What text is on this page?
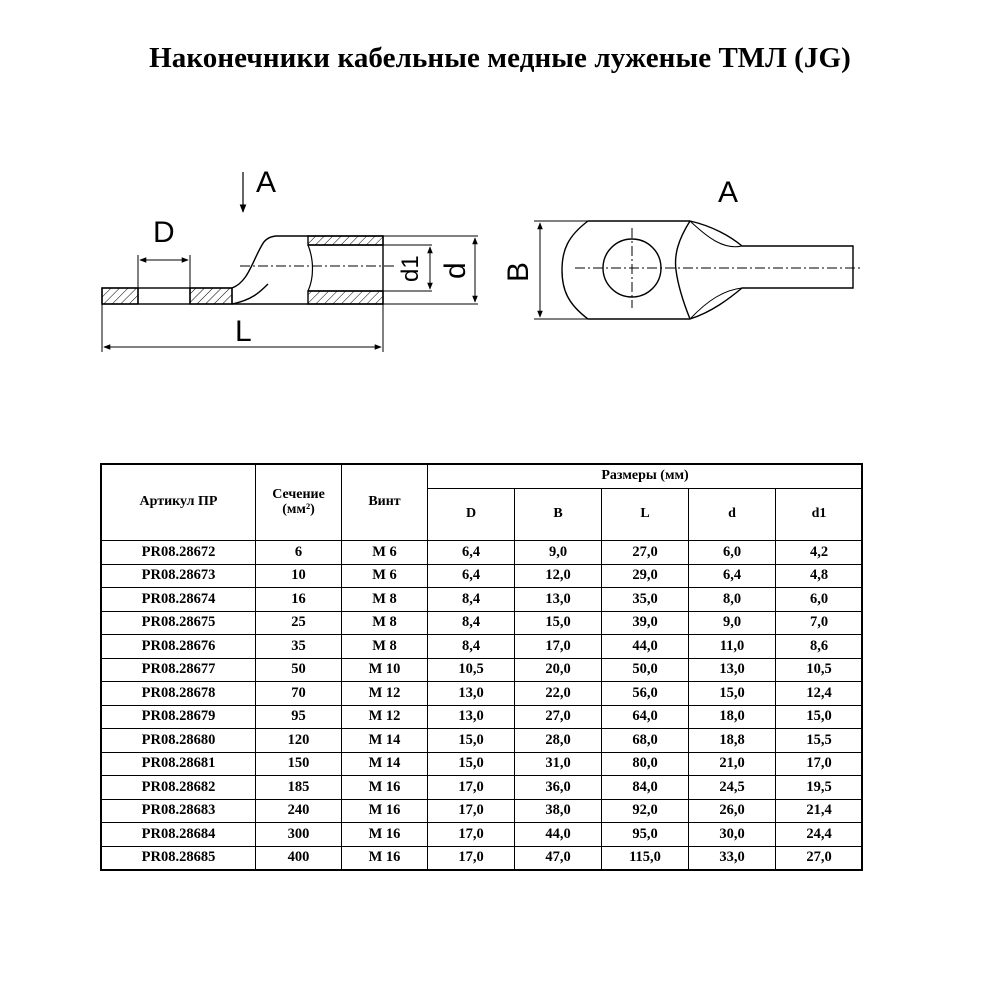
Наконечники кабельные медные луженые ТМЛ (JG)
A
D
d1 d
L
B
A
Артикул ПР	Сечение (мм²)	Винт	Размеры (мм)				
			D	B	L	d	d1
PR08.28672	6	M 6	6,4	9,0	27,0	6,0	4,2
PR08.28673	10	M 6	6,4	12,0	29,0	6,4	4,8
PR08.28674	16	M 8	8,4	13,0	35,0	8,0	6,0
PR08.28675	25	M 8	8,4	15,0	39,0	9,0	7,0
PR08.28676	35	M 8	8,4	17,0	44,0	11,0	8,6
PR08.28677	50	M 10	10,5	20,0	50,0	13,0	10,5
PR08.28678	70	M 12	13,0	22,0	56,0	15,0	12,4
PR08.28679	95	M 12	13,0	27,0	64,0	18,0	15,0
PR08.28680	120	M 14	15,0	28,0	68,0	18,8	15,5
PR08.28681	150	M 14	15,0	31,0	80,0	21,0	17,0
PR08.28682	185	M 16	17,0	36,0	84,0	24,5	19,5
PR08.28683	240	M 16	17,0	38,0	92,0	26,0	21,4
PR08.28684	300	M 16	17,0	44,0	95,0	30,0	24,4
PR08.28685	400	M 16	17,0	47,0	115,0	33,0	27,0
